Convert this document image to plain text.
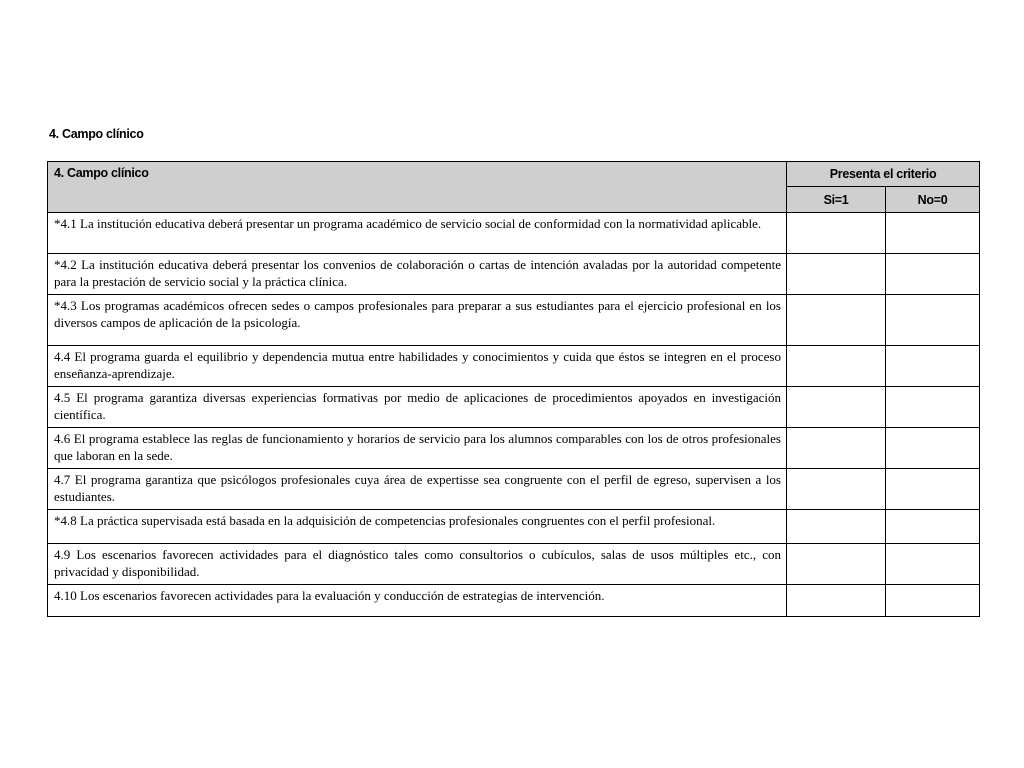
4. Campo clínico
4. Campo clínico	Presenta el criterio	
	Si=1	No=0

*4.1 La institución educativa deberá presentar un programa académico de servicio social de conformidad con la normatividad aplicable.		

*4.2 La institución educativa deberá presentar los convenios de colaboración o cartas de intención avaladas por la autoridad competente para la prestación de servicio social y la práctica clínica.		

*4.3 Los programas académicos ofrecen sedes o campos profesionales para preparar a sus estudiantes para el ejercicio profesional en los diversos campos de aplicación de la psicología.		

4.4 El programa guarda el equilibrio y dependencia mutua entre habilidades y conocimientos y cuida que éstos se integren en el proceso enseñanza-aprendizaje.		

4.5 El programa garantiza diversas experiencias formativas por medio de aplicaciones de procedimientos apoyados en investigación científica.		

4.6 El programa establece las reglas de funcionamiento y horarios de servicio para los alumnos comparables con los de otros profesionales que laboran en la sede.		

4.7 El programa garantiza que psicólogos profesionales cuya área de expertisse sea congruente con el perfil de egreso, supervisen a los estudiantes.		

*4.8 La práctica supervisada está basada en la adquisición de competencias profesionales congruentes con el perfil profesional.		

4.9 Los escenarios favorecen actividades para el diagnóstico tales como consultorios o cubículos, salas de usos múltiples etc., con privacidad y disponibilidad.		

4.10 Los escenarios favorecen actividades para la evaluación y conducción de estrategias de intervención.		
